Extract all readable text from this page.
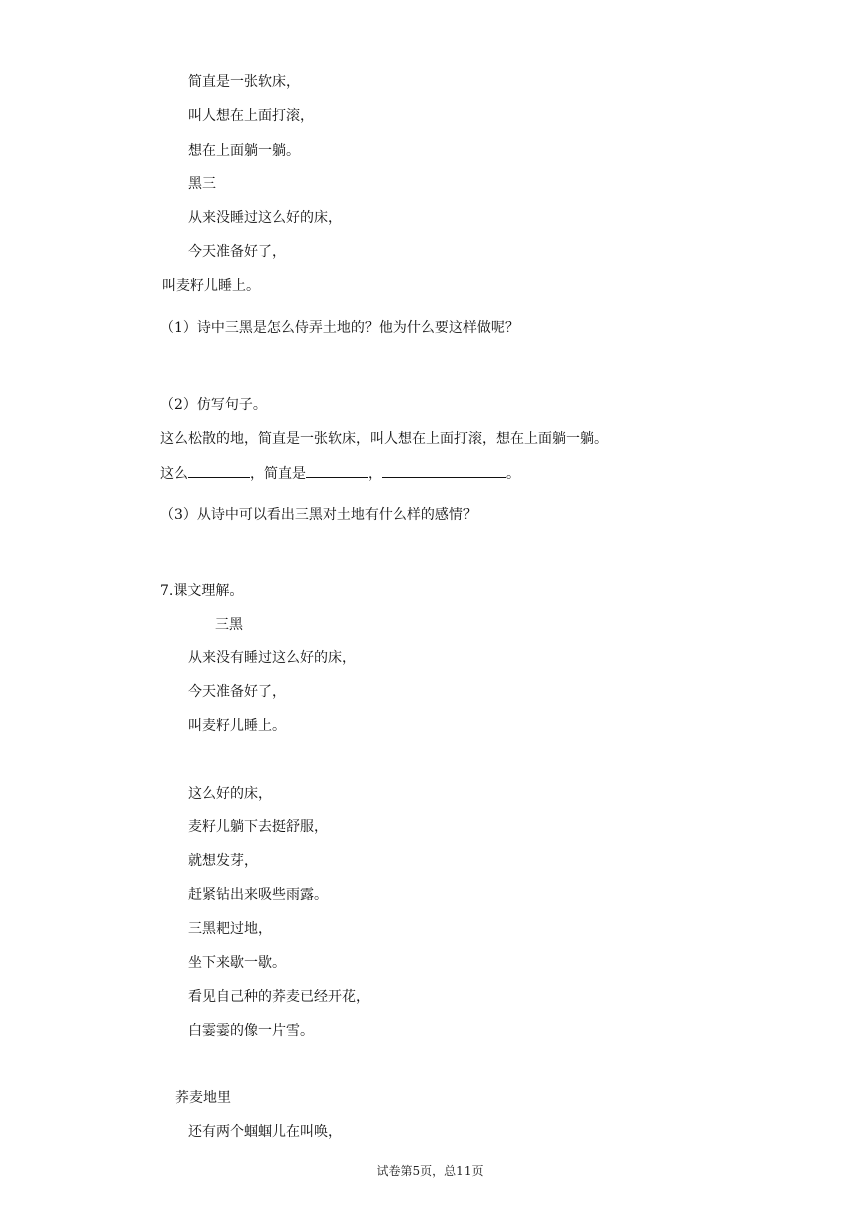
简直是一张软床，
叫人想在上面打滚，
想在上面躺一躺。
黑三
从来没睡过这么好的床，
今天准备好了，
叫麦籽儿睡上。
（1）诗中三黑是怎么侍弄土地的？他为什么要这样做呢？
（2）仿写句子。
这么松散的地，简直是一张软床，叫人想在上面打滚，想在上面躺一躺。
这么	，简直是	，	。
（3）从诗中可以看出三黑对土地有什么样的感情？
7.课文理解。
三黑
从来没有睡过这么好的床，
今天准备好了，
叫麦籽儿睡上。
这么好的床，
麦籽儿躺下去挺舒服，
就想发芽，
赶紧钻出来吸些雨露。
三黑耙过地，
坐下来歇一歇。
看见自己种的荞麦已经开花，
白霎霎的像一片雪。
荞麦地里
还有两个蝈蝈儿在叫唤，
试卷第5页，总11页
